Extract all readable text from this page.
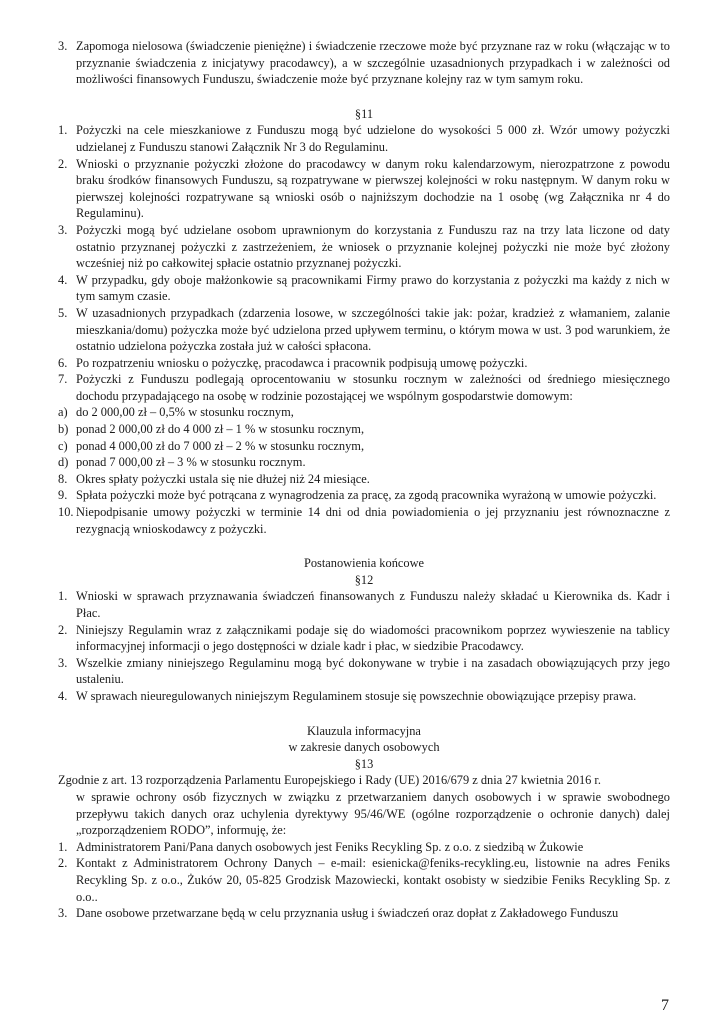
3. Zapomoga nielosowa (świadczenie pieniężne) i świadczenie rzeczowe może być przyznane raz w roku (włączając w to przyznanie świadczenia z inicjatywy pracodawcy), a w szczególnie uzasadnionych przypadkach i w zależności od możliwości finansowych Funduszu, świadczenie może być przyznane kolejny raz w tym samym roku.
§11
1. Pożyczki na cele mieszkaniowe z Funduszu mogą być udzielone do wysokości 5 000 zł. Wzór umowy pożyczki udzielanej z Funduszu stanowi Załącznik Nr 3 do Regulaminu.
2. Wnioski o przyznanie pożyczki złożone do pracodawcy w danym roku kalendarzowym, nierozpatrzone z powodu braku środków finansowych Funduszu, są rozpatrywane w pierwszej kolejności w roku następnym. W danym roku w pierwszej kolejności rozpatrywane są wnioski osób o najniższym dochodzie na 1 osobę (wg Załącznika nr 4 do Regulaminu).
3. Pożyczki mogą być udzielane osobom uprawnionym do korzystania z Funduszu raz na trzy lata liczone od daty ostatnio przyznanej pożyczki z zastrzeżeniem, że wniosek o przyznanie kolejnej pożyczki nie może być złożony wcześniej niż po całkowitej spłacie ostatnio przyznanej pożyczki.
4. W przypadku, gdy oboje małżonkowie są pracownikami Firmy prawo do korzystania z pożyczki ma każdy z nich w tym samym czasie.
5. W uzasadnionych przypadkach (zdarzenia losowe, w szczególności takie jak: pożar, kradzież z włamaniem, zalanie mieszkania/domu) pożyczka może być udzielona przed upływem terminu, o którym mowa w ust. 3 pod warunkiem, że ostatnio udzielona pożyczka została już w całości spłacona.
6. Po rozpatrzeniu wniosku o pożyczkę, pracodawca i pracownik podpisują umowę pożyczki.
7. Pożyczki z Funduszu podlegają oprocentowaniu w stosunku rocznym w zależności od średniego miesięcznego dochodu przypadającego na osobę w rodzinie pozostającej we wspólnym gospodarstwie domowym:
a) do 2 000,00 zł – 0,5% w stosunku rocznym,
b) ponad 2 000,00 zł do 4 000 zł – 1 % w stosunku rocznym,
c) ponad 4 000,00 zł do 7 000 zł – 2 % w stosunku rocznym,
d) ponad 7 000,00 zł – 3 % w stosunku rocznym.
8. Okres spłaty pożyczki ustala się nie dłużej niż 24 miesiące.
9. Spłata pożyczki może być potrącana z wynagrodzenia za pracę, za zgodą pracownika wyrażoną w umowie pożyczki.
10. Niepodpisanie umowy pożyczki w terminie 14 dni od dnia powiadomienia o jej przyznaniu jest równoznaczne z rezygnacją wnioskodawcy z pożyczki.
Postanowienia końcowe
§12
1. Wnioski w sprawach przyznawania świadczeń finansowanych z Funduszu należy składać u Kierownika ds. Kadr i Płac.
2. Niniejszy Regulamin wraz z załącznikami podaje się do wiadomości pracownikom poprzez wywieszenie na tablicy informacyjnej informacji o jego dostępności w dziale kadr i płac, w siedzibie Pracodawcy.
3. Wszelkie zmiany niniejszego Regulaminu mogą być dokonywane w trybie i na zasadach obowiązujących przy jego ustaleniu.
4. W sprawach nieuregulowanych niniejszym Regulaminem stosuje się powszechnie obowiązujące przepisy prawa.
Klauzula informacyjna
w zakresie danych osobowych
§13
Zgodnie z art. 13 rozporządzenia Parlamentu Europejskiego i Rady (UE) 2016/679 z dnia 27 kwietnia 2016 r.
w sprawie ochrony osób fizycznych w związku z przetwarzaniem danych osobowych i w sprawie swobodnego przepływu takich danych oraz uchylenia dyrektywy 95/46/WE (ogólne rozporządzenie o ochronie danych) dalej „rozporządzeniem RODO”, informuję, że:
1. Administratorem Pani/Pana danych osobowych jest Feniks Recykling Sp. z o.o. z siedzibą w Żukowie
2. Kontakt z Administratorem Ochrony Danych – e-mail: esienicka@feniks-recykling.eu, listownie na adres Feniks Recykling Sp. z o.o., Żuków 20, 05-825 Grodzisk Mazowiecki, kontakt osobisty w siedzibie Feniks Recykling Sp. z o.o..
3. Dane osobowe przetwarzane będą w celu przyznania usług i świadczeń oraz dopłat z Zakładowego Funduszu
7
